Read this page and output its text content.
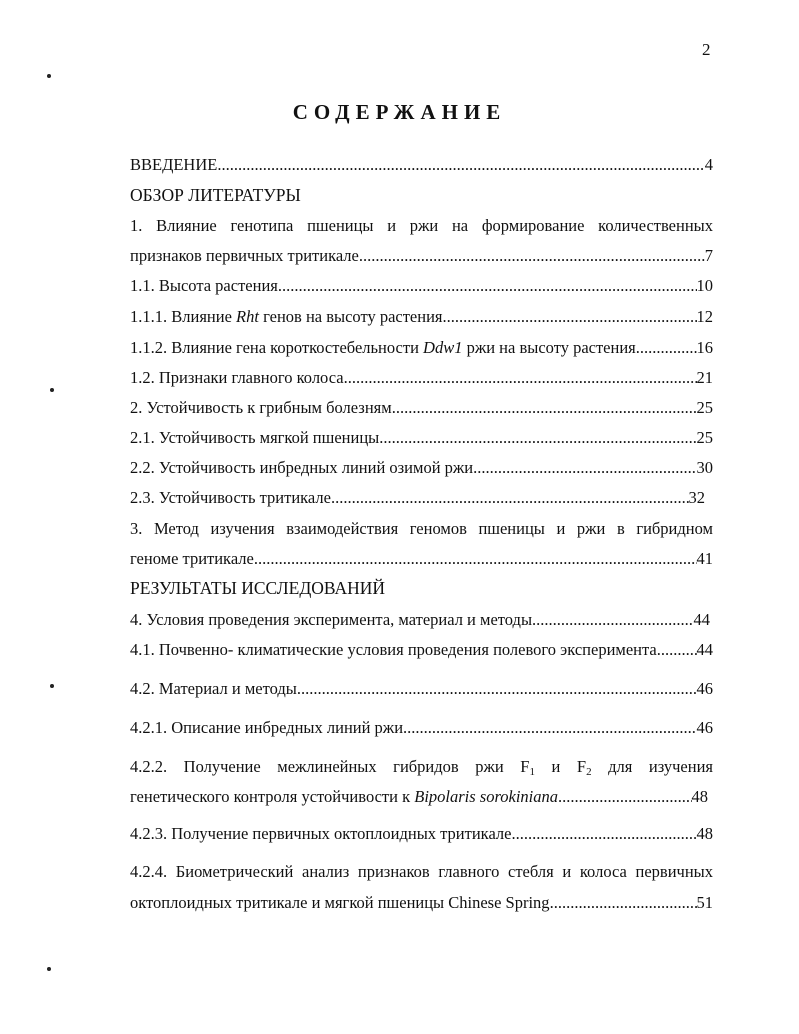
2
СОДЕРЖАНИЕ
ВВЕДЕНИЕ .....	4
ОБЗОР ЛИТЕРАТУРЫ
1. Влияние генотипа пшеницы и ржи на формирование количественных
признаков первичных тритикале .....	7
1.1. Высота растения .....	10
1.1.1. Влияние Rht генов на высоту растения .....	12
1.1.2. Влияние гена короткостебельности Ddw1 ржи на высоту растения .....	16
1.2. Признаки главного колоса .....	21
2. Устойчивость к грибным болезням .....	25
2.1. Устойчивость мягкой пшеницы .....	25
2.2. Устойчивость инбредных линий озимой ржи .....	30
2.3. Устойчивость тритикале .....	32
3. Метод изучения взаимодействия геномов пшеницы и ржи в гибридном
геноме тритикале. .....	41
РЕЗУЛЬТАТЫ ИССЛЕДОВАНИЙ
4. Условия проведения эксперимента, материал и методы .....	44
4.1. Почвенно- климатические условия проведения полевого эксперимента. ..... 44
4.2. Материал и методы .....	46
4.2.1. Описание инбредных линий ржи .....	46
4.2.2. Получение межлинейных гибридов ржи $F_1$ и $F_2$ для изучения
генетического контроля устойчивости к Bipolaris sorokiniana .....	48
4.2.3. Получение первичных октоплоидных тритикале .....	48
4.2.4. Биометрический анализ признаков главного стебля и колоса первичных
октоплоидных тритикале и мягкой пшеницы Chinese Spring .....	51
